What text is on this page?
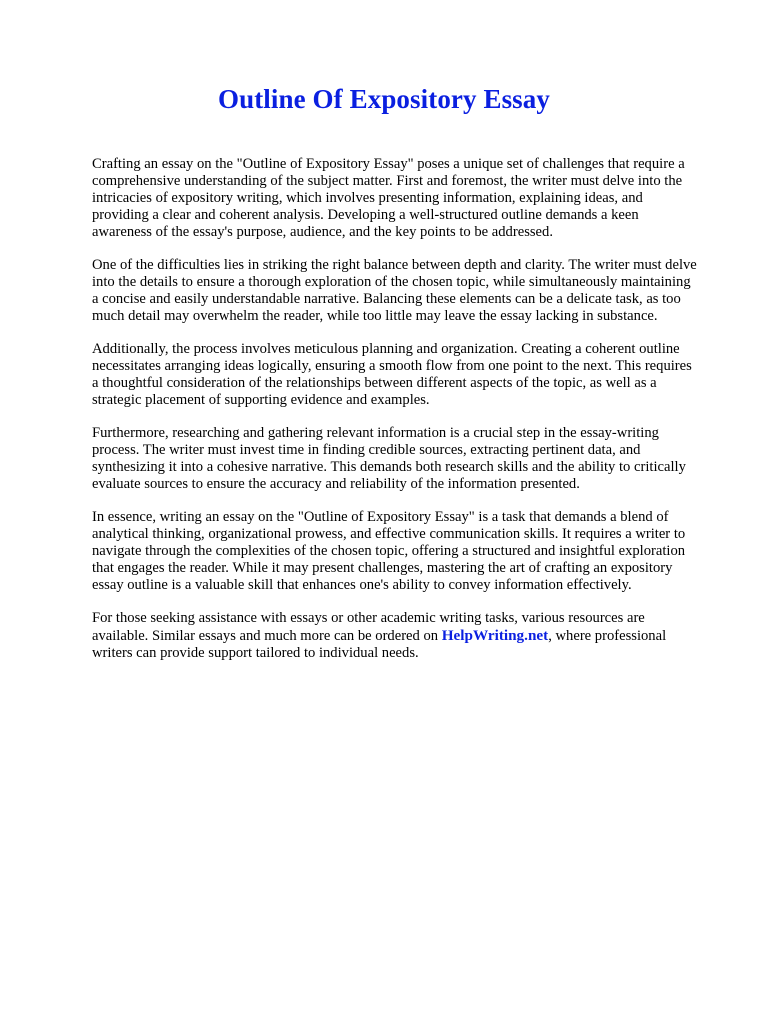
Outline Of Expository Essay

Crafting an essay on the "Outline of Expository Essay" poses a unique set of challenges that require a comprehensive understanding of the subject matter. First and foremost, the writer must delve into the intricacies of expository writing, which involves presenting information, explaining ideas, and providing a clear and coherent analysis. Developing a well-structured outline demands a keen awareness of the essay's purpose, audience, and the key points to be addressed.

One of the difficulties lies in striking the right balance between depth and clarity. The writer must delve into the details to ensure a thorough exploration of the chosen topic, while simultaneously maintaining a concise and easily understandable narrative. Balancing these elements can be a delicate task, as too much detail may overwhelm the reader, while too little may leave the essay lacking in substance.

Additionally, the process involves meticulous planning and organization. Creating a coherent outline necessitates arranging ideas logically, ensuring a smooth flow from one point to the next. This requires a thoughtful consideration of the relationships between different aspects of the topic, as well as a strategic placement of supporting evidence and examples.

Furthermore, researching and gathering relevant information is a crucial step in the essay-writing process. The writer must invest time in finding credible sources, extracting pertinent data, and synthesizing it into a cohesive narrative. This demands both research skills and the ability to critically evaluate sources to ensure the accuracy and reliability of the information presented.

In essence, writing an essay on the "Outline of Expository Essay" is a task that demands a blend of analytical thinking, organizational prowess, and effective communication skills. It requires a writer to navigate through the complexities of the chosen topic, offering a structured and insightful exploration that engages the reader. While it may present challenges, mastering the art of crafting an expository essay outline is a valuable skill that enhances one's ability to convey information effectively.

For those seeking assistance with essays or other academic writing tasks, various resources are available. Similar essays and much more can be ordered on HelpWriting.net, where professional writers can provide support tailored to individual needs.
